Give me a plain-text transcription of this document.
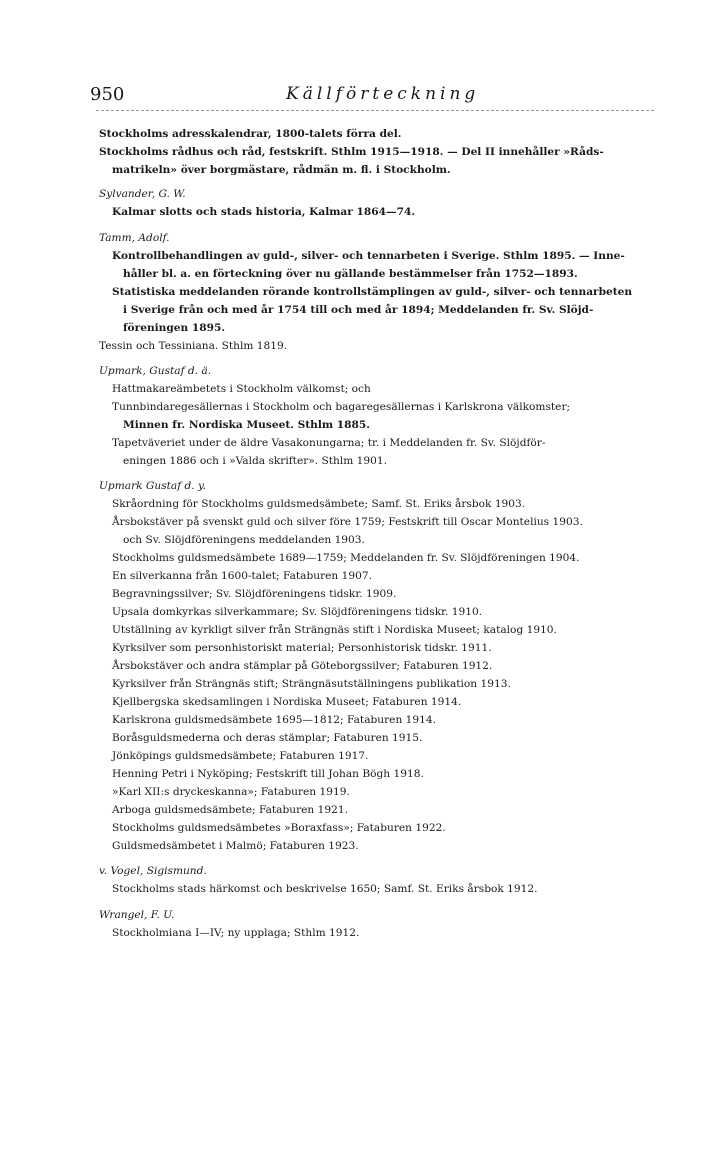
950	Källförteckning
Stockholms adresskalendrar, 1800-talets förra del.
Stockholms rådhus och råd, festskrift. Sthlm 1915—1918. — Del II innehåller »Råds-
matrikeln» över borgmästare, rådmän m. fl. i Stockholm.
Sylvander, G. W.
Kalmar slotts och stads historia, Kalmar 1864—74.
Tamm, Adolf.
Kontrollbehandlingen av guld-, silver- och tennarbeten i Sverige. Sthlm 1895. — Inne-
håller bl. a. en förteckning över nu gällande bestämmelser från 1752—1893.
Statistiska meddelanden rörande kontrollstämplingen av guld-, silver- och tennarbeten
i Sverige från och med år 1754 till och med år 1894; Meddelanden fr. Sv. Slöjd-
föreningen 1895.
Tessin och Tessiniana. Sthlm 1819.
Upmark, Gustaf d. ä.
Hattmakareämbetets i Stockholm välkomst; och
Tunnbindaregesällernas i Stockholm och bagaregesällernas i Karlskrona välkomster;
Minnen fr. Nordiska Museet. Sthlm 1885.
Tapetväveriet under de äldre Vasakonungarna; tr. i Meddelanden fr. Sv. Slöjdför-
eningen 1886 och i »Valda skrifter». Sthlm 1901.
Upmark Gustaf d. y.
Skråordning för Stockholms guldsmedsämbete; Samf. St. Eriks årsbok 1903.
Årsbokstäver på svenskt guld och silver före 1759; Festskrift till Oscar Montelius 1903.
och Sv. Slöjdföreningens meddelanden 1903.
Stockholms guldsmedsämbete 1689—1759; Meddelanden fr. Sv. Slöjdföreningen 1904.
En silverkanna från 1600-talet; Fataburen 1907.
Begravningssilver; Sv. Slöjdföreningens tidskr. 1909.
Upsala domkyrkas silverkammare; Sv. Slöjdföreningens tidskr. 1910.
Utställning av kyrkligt silver från Strängnäs stift i Nordiska Museet; katalog 1910.
Kyrksilver som personhistoriskt material; Personhistorisk tidskr. 1911.
Årsbokstäver och andra stämplar på Göteborgssilver; Fataburen 1912.
Kyrksilver från Strängnäs stift; Strängnäsutställningens publikation 1913.
Kjellbergska skedsamlingen i Nordiska Museet; Fataburen 1914.
Karlskrona guldsmedsämbete 1695—1812; Fataburen 1914.
Boråsguldsmederna och deras stämplar; Fataburen 1915.
Jönköpings guldsmedsämbete; Fataburen 1917.
Henning Petri i Nyköping; Festskrift till Johan Bögh 1918.
»Karl XII:s dryckeskanna»; Fataburen 1919.
Arboga guldsmedsämbete; Fataburen 1921.
Stockholms guldsmedsämbetes »Boraxfass»; Fataburen 1922.
Guldsmedsämbetet i Malmö; Fataburen 1923.
v. Vogel, Sigismund.
Stockholms stads härkomst och beskrivelse 1650; Samf. St. Eriks årsbok 1912.
Wrangel, F. U.
Stockholmiana I—IV; ny upplaga; Sthlm 1912.
